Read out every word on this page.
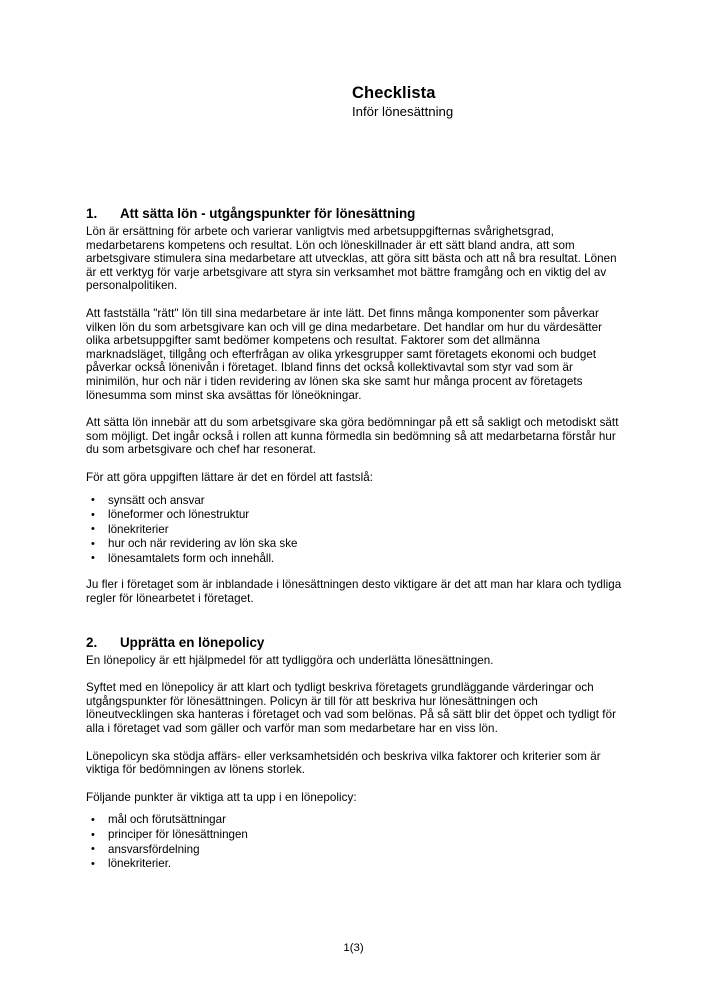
Checklista
Inför lönesättning
1.	Att sätta lön - utgångspunkter för lönesättning

Lön är ersättning för arbete och varierar vanligtvis med arbetsuppgifternas svårighetsgrad, medarbetarens kompetens och resultat. Lön och löneskillnader är ett sätt bland andra, att som arbetsgivare stimulera sina medarbetare att utvecklas, att göra sitt bästa och att nå bra resultat. Lönen är ett verktyg för varje arbetsgivare att styra sin verksamhet mot bättre framgång och en viktig del av personalpolitiken.

Att fastställa "rätt" lön till sina medarbetare är inte lätt. Det finns många komponenter som påverkar vilken lön du som arbetsgivare kan och vill ge dina medarbetare. Det handlar om hur du värdesätter olika arbetsuppgifter samt bedömer kompetens och resultat. Faktorer som det allmänna marknadsläget, tillgång och efterfrågan av olika yrkesgrupper samt företagets ekonomi och budget påverkar också lönenivån i företaget. Ibland finns det också kollektivavtal som styr vad som är minimilön, hur och när i tiden revidering av lönen ska ske samt hur många procent av företagets lönesumma som minst ska avsättas för löneökningar.

Att sätta lön innebär att du som arbetsgivare ska göra bedömningar på ett så sakligt och metodiskt sätt som möjligt. Det ingår också i rollen att kunna förmedla sin bedömning så att medarbetarna förstår hur du som arbetsgivare och chef har resonerat.

För att göra uppgiften lättare är det en fördel att fastslå:

• synsätt och ansvar
• löneformer och lönestruktur
• lönekriterier
• hur och när revidering av lön ska ske
• lönesamtalets form och innehåll.

Ju fler i företaget som är inblandade i lönesättningen desto viktigare är det att man har klara och tydliga regler för lönearbetet i företaget.

2.	Upprätta en lönepolicy

En lönepolicy är ett hjälpmedel för att tydliggöra och underlätta lönesättningen.

Syftet med en lönepolicy är att klart och tydligt beskriva företagets grundläggande värderingar och utgångspunkter för lönesättningen. Policyn är till för att beskriva hur lönesättningen och löneutvecklingen ska hanteras i företaget och vad som belönas. På så sätt blir det öppet och tydligt för alla i företaget vad som gäller och varför man som medarbetare har en viss lön.

Lönepolicyn ska stödja affärs- eller verksamhetsidén och beskriva vilka faktorer och kriterier som är viktiga för bedömningen av lönens storlek.

Följande punkter är viktiga att ta upp i en lönepolicy:

• mål och förutsättningar
• principer för lönesättningen
• ansvarsfördelning
• lönekriterier.
1(3)
